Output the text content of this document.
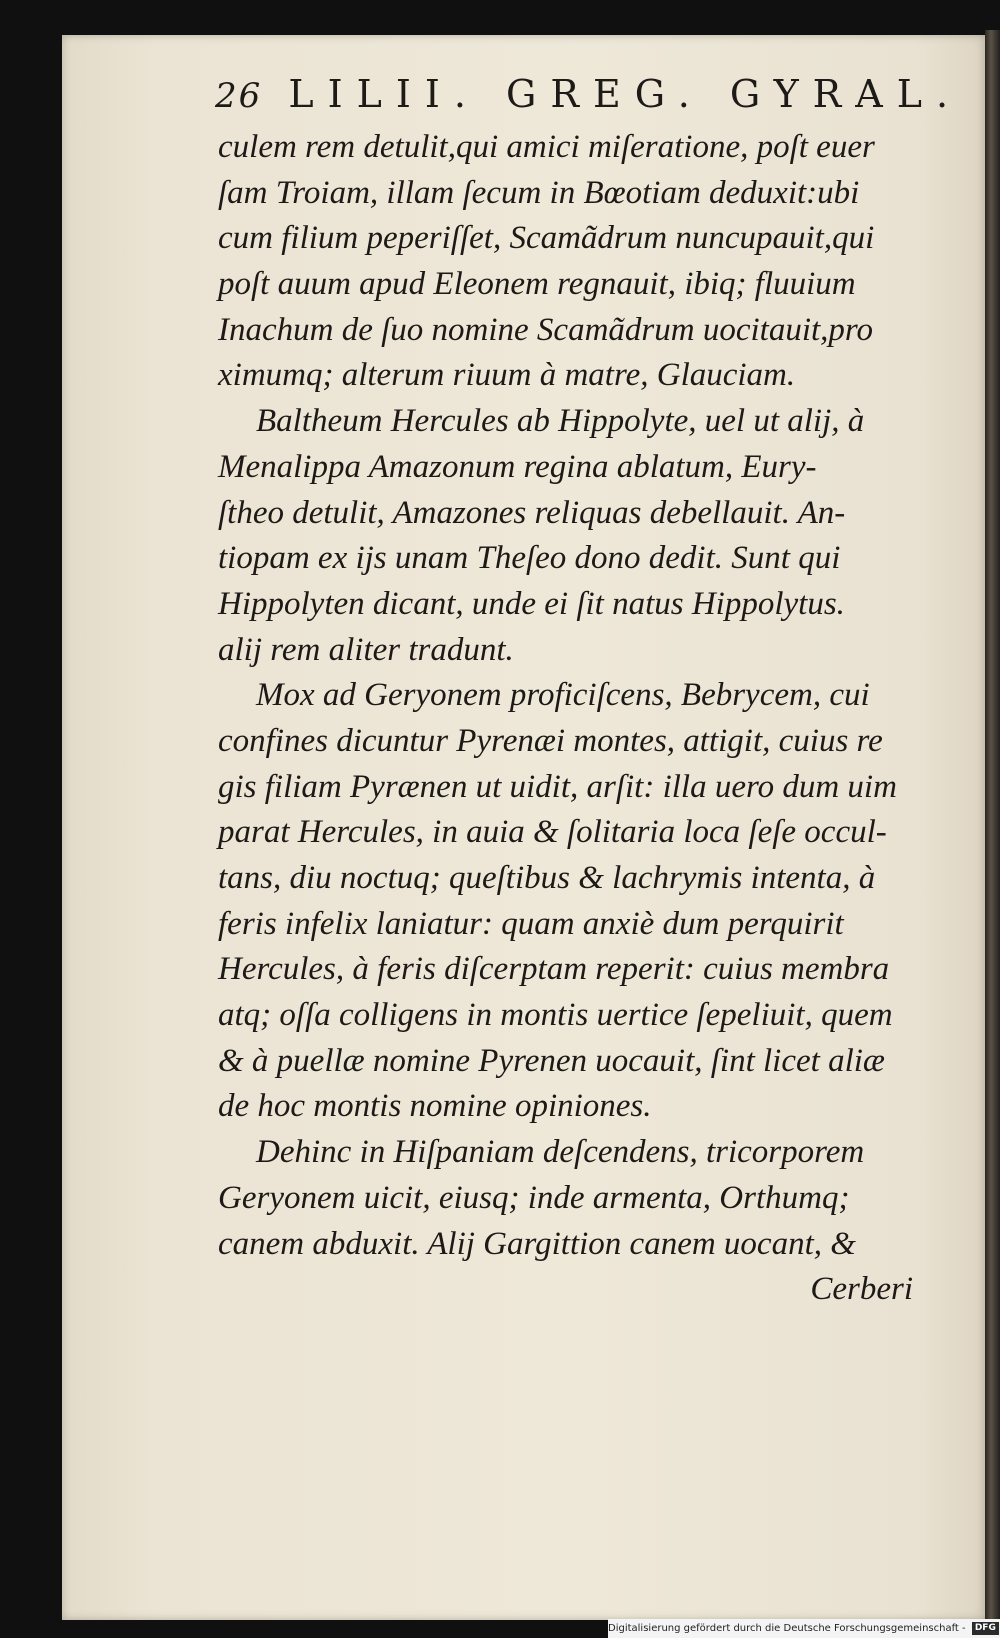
26 LILII. GREG. GYRAL.
culem rem detulit,qui amici miſeratione, poſt euer
ſam Troiam, illam ſecum in Bœotiam deduxit:ubi
cum filium peperiſſet, Scamãdrum nuncupauit,qui
poſt auum apud Eleonem regnauit, ibiq; fluuium
Inachum de ſuo nomine Scamãdrum uocitauit,pro
ximumq; alterum riuum à matre, Glauciam.
Baltheum Hercules ab Hippolyte, uel ut alij, à
Menalippa Amazonum regina ablatum, Eury-
ſtheo detulit, Amazones reliquas debellauit. An-
tiopam ex ijs unam Theſeo dono dedit. Sunt qui
Hippolyten dicant, unde ei ſit natus Hippolytus.
alij rem aliter tradunt.
Mox ad Geryonem proficiſcens, Bebrycem, cui
confines dicuntur Pyrenæi montes, attigit, cuius re
gis filiam Pyrænen ut uidit, arſit: illa uero dum uim
parat Hercules, in auia & ſolitaria loca ſeſe occul-
tans, diu noctuq; queſtibus & lachrymis intenta, à
feris infelix laniatur: quam anxiè dum perquirit
Hercules, à feris diſcerptam reperit: cuius membra
atq; oſſa colligens in montis uertice ſepeliuit, quem
& à puellæ nomine Pyrenen uocauit, ſint licet aliæ
de hoc montis nomine opiniones.
Dehinc in Hiſpaniam deſcendens, tricorporem
Geryonem uicit, eiusq; inde armenta, Orthumq;
canem abduxit. Alij Gargittion canem uocant, &
Cerberi
Digitalisierung gefördert durch die Deutsche Forschungsgemeinschaft - DFG
